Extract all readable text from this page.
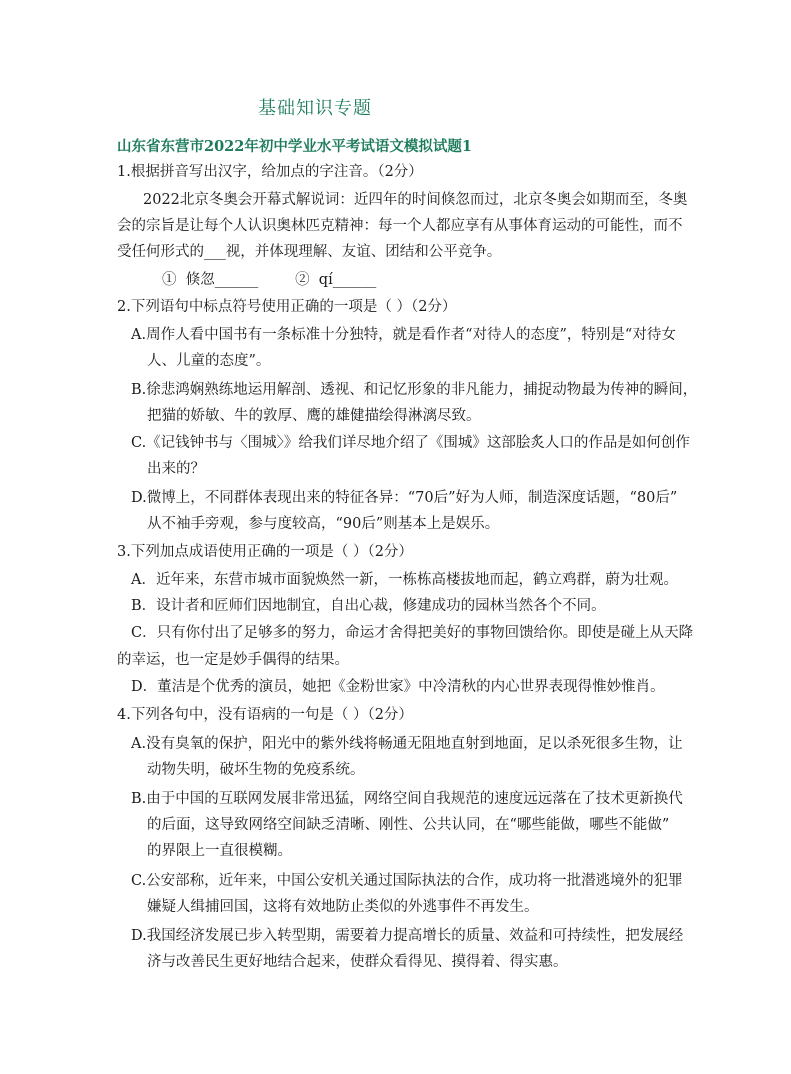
基础知识专题
山东省东营市2022年初中学业水平考试语文模拟试题1
1.根据拼音写出汉字，给加点的字注音。（2分）
2022北京冬奥会开幕式解说词：近四年的时间倏忽而过，北京冬奥会如期而至，冬奥
会的宗旨是让每个人认识奥林匹克精神：每一个人都应享有从事体育运动的可能性，而不
受任何形式的___视，并体现理解、友谊、团结和公平竞争。
①  倏忽______        ②  qí______
2.下列语句中标点符号使用正确的一项是（ ）（2分）
A.周作人看中国书有一条标准十分独特，就是看作者“对待人的态度”，特别是“对待女
人、儿童的态度”。
B.徐悲鸿娴熟练地运用解剖、透视、和记忆形象的非凡能力，捕捉动物最为传神的瞬间，
把猫的娇敏、牛的敦厚、鹰的雄健描绘得淋漓尽致。
C.《记钱钟书与〈围城〉》给我们详尽地介绍了《围城》这部脍炙人口的作品是如何创作
出来的？
D.微博上，不同群体表现出来的特征各异：“70后”好为人师，制造深度话题，“80后”
从不袖手旁观，参与度较高，“90后”则基本上是娱乐。
3.下列加点成语使用正确的一项是（ ）（2分）
A．近年来，东营市城市面貌焕然一新，一栋栋高楼拔地而起，鹤立鸡群，蔚为壮观。
B．设计者和匠师们因地制宜，自出心裁，修建成功的园林当然各个不同。
C．只有你付出了足够多的努力，命运才舍得把美好的事物回馈给你。即使是碰上从天降
的幸运，也一定是妙手偶得的结果。
D．董洁是个优秀的演员，她把《金粉世家》中冷清秋的内心世界表现得惟妙惟肖。
4.下列各句中，没有语病的一句是（ ）（2分）
A.没有臭氧的保护，阳光中的紫外线将畅通无阻地直射到地面，足以杀死很多生物，让
动物失明，破坏生物的免疫系统。
B.由于中国的互联网发展非常迅猛，网络空间自我规范的速度远远落在了技术更新换代
的后面，这导致网络空间缺乏清晰、刚性、公共认同，在“哪些能做，哪些不能做”
的界限上一直很模糊。
C.公安部称，近年来，中国公安机关通过国际执法的合作，成功将一批潜逃境外的犯罪
嫌疑人缉捕回国，这将有效地防止类似的外逃事件不再发生。
D.我国经济发展已步入转型期，需要着力提高增长的质量、效益和可持续性，把发展经
济与改善民生更好地结合起来，使群众看得见、摸得着、得实惠。
